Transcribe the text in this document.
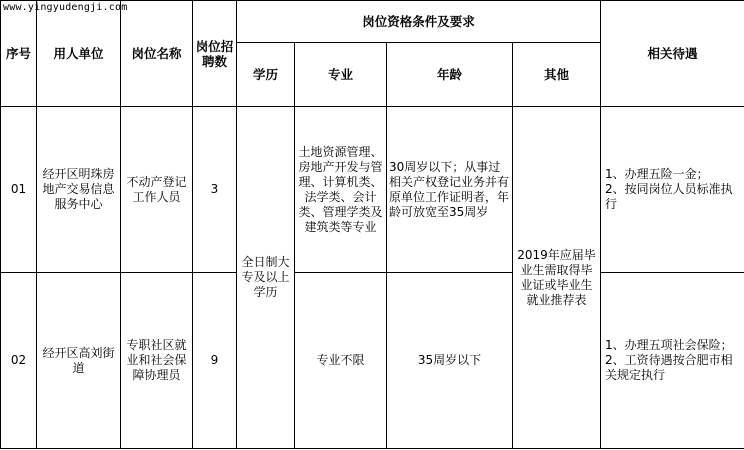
www.yingyudengji.com
序号	用人单位	岗位名称	岗位招聘数	岗位资格条件及要求				相关待遇
				学历	专业	年龄	其他	
01	经开区明珠房地产交易信息服务中心	不动产登记工作人员	3	全日制大专及以上学历	土地资源管理、房地产开发与管理、计算机类、法学类、会计类、管理学类及建筑类等专业	30周岁以下；从事过相关产权登记业务并有原单位工作证明者，年龄可放宽至35周岁	2019年应届毕业生需取得毕业证或毕业生就业推荐表	1、办理五险一金；
2、按同岗位人员标准执行
02	经开区高刘街道	专职社区就业和社会保障协理员	9		专业不限	35周岁以下		1、办理五项社会保险；
2、工资待遇按合肥市相关规定执行
